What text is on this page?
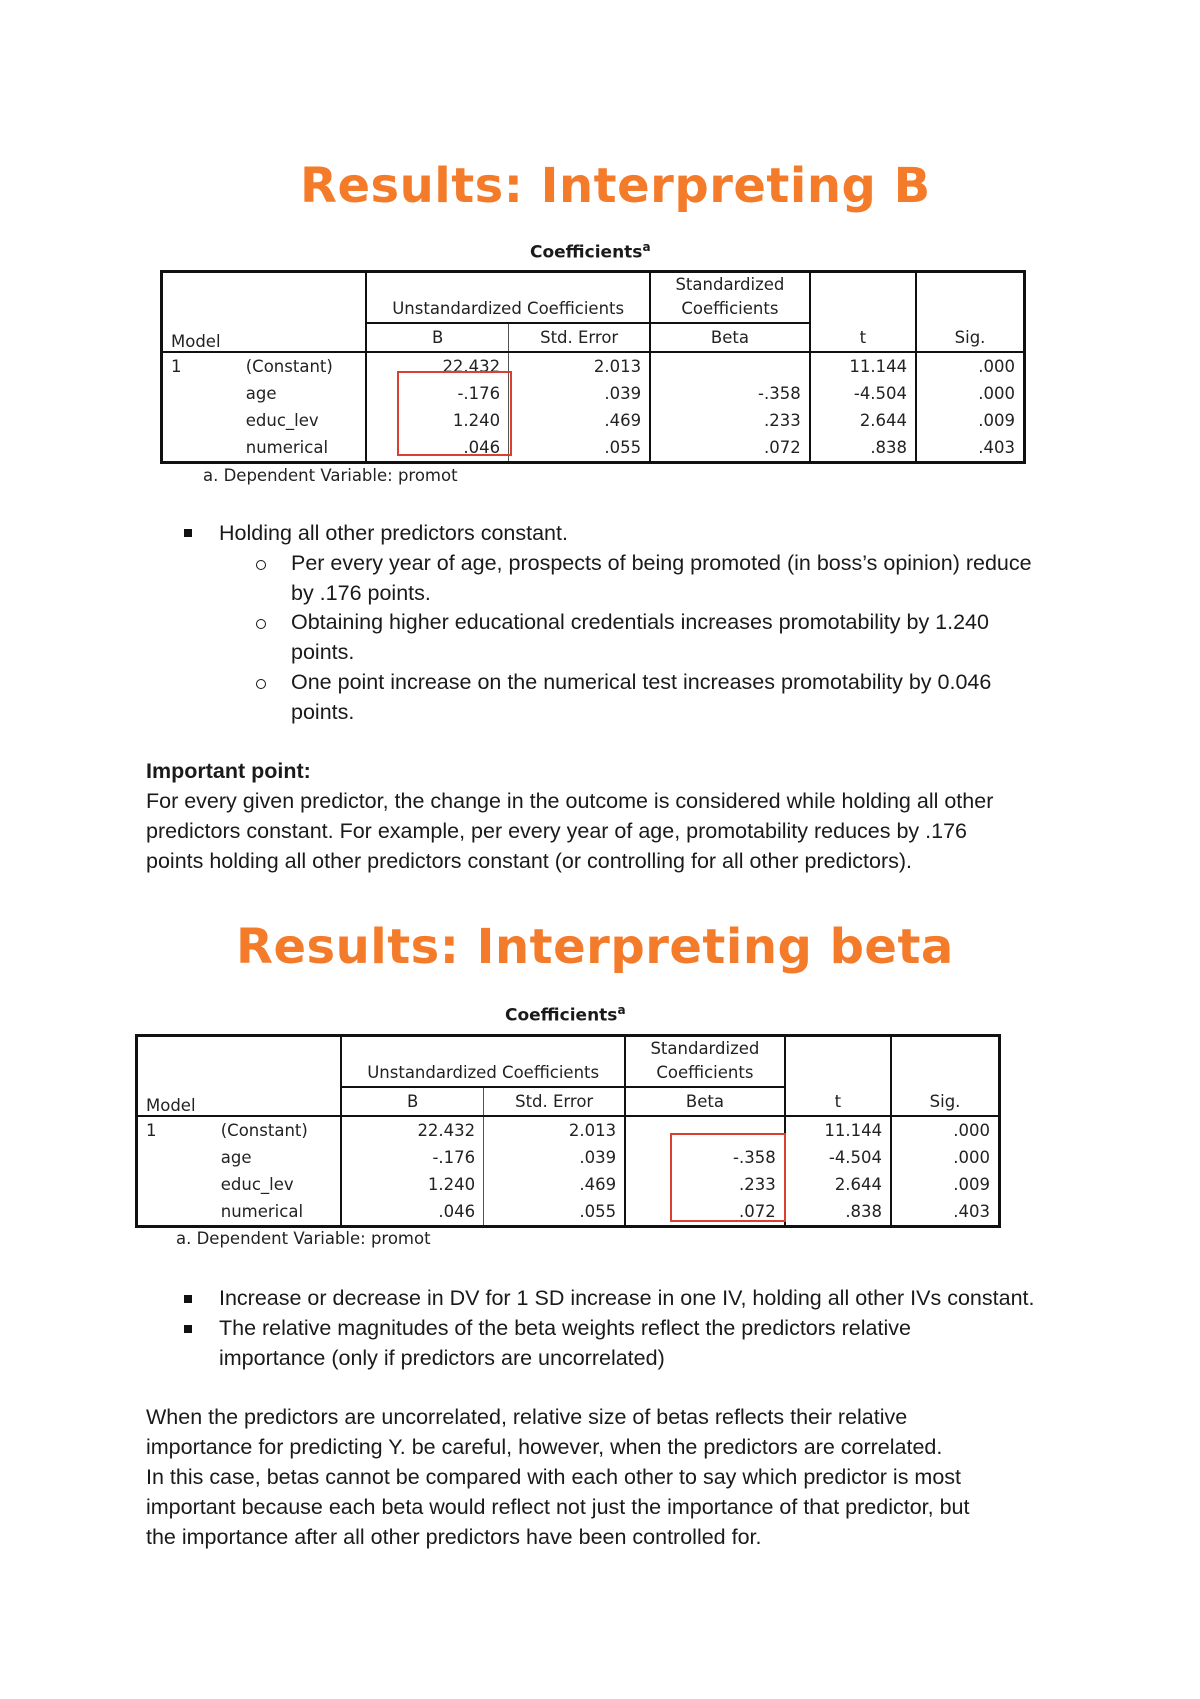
Results: Interpreting B
Coefficients$^a$
				Standardized		
		Unstandardized Coefficients		Coefficients		
Model		B	Std. Error	Beta	t	Sig.
1	(Constant)	22.432	2.013		11.144	.000
	age	-.176	.039	-.358	-4.504	.000
	educ_lev	1.240	.469	.233	2.644	.009
	numerical	.046	.055	.072	.838	.403
a. Dependent Variable: promot
Holding all other predictors constant.
Per every year of age, prospects of being promoted (in boss’s opinion) reduce
by .176 points.
Obtaining higher educational credentials increases promotability by 1.240
points.
One point increase on the numerical test increases promotability by 0.046
points.
Important point:
For every given predictor, the change in the outcome is considered while holding all other
predictors constant. For example, per every year of age, promotability reduces by .176
points holding all other predictors constant (or controlling for all other predictors).
Results: Interpreting beta
Coefficients$^a$
				Standardized		
		Unstandardized Coefficients		Coefficients		
Model		B	Std. Error	Beta	t	Sig.
1	(Constant)	22.432	2.013		11.144	.000
	age	-.176	.039	-.358	-4.504	.000
	educ_lev	1.240	.469	.233	2.644	.009
	numerical	.046	.055	.072	.838	.403
a. Dependent Variable: promot
Increase or decrease in DV for 1 SD increase in one IV, holding all other IVs constant.
The relative magnitudes of the beta weights reflect the predictors relative
importance (only if predictors are uncorrelated)
When the predictors are uncorrelated, relative size of betas reflects their relative
importance for predicting Y. be careful, however, when the predictors are correlated.
In this case, betas cannot be compared with each other to say which predictor is most
important because each beta would reflect not just the importance of that predictor, but
the importance after all other predictors have been controlled for.
